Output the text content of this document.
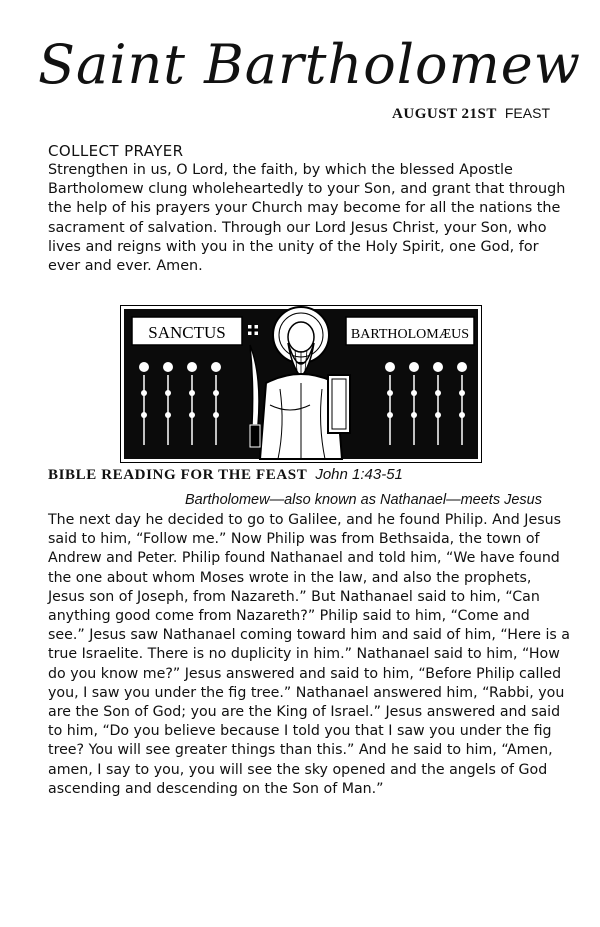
Saint Bartholomew
AUGUST 21ST FEAST
COLLECT PRAYER

Strengthen in us, O Lord, the faith, by which the blessed Apostle Bartholomew clung wholeheartedly to your Son, and grant that through the help of his prayers your Church may become for all the nations the sacrament of salvation. Through our Lord Jesus Christ, your Son, who lives and reigns with you in the unity of the Holy Spirit, one God, for ever and ever. Amen.

SANCTUS	BARTHOLOMÆUS
BIBLE READING FOR THE FEAST John 1:43-51
Bartholomew—also known as Nathanael—meets Jesus

The next day he decided to go to Galilee, and he found Philip. And Jesus said to him, “Follow me.” Now Philip was from Bethsaida, the town of Andrew and Peter. Philip found Nathanael and told him, “We have found the one about whom Moses wrote in the law, and also the prophets, Jesus son of Joseph, from Nazareth.” But Nathanael said to him, “Can anything good come from Nazareth?” Philip said to him, “Come and see.” Jesus saw Nathanael coming toward him and said of him, “Here is a true Israelite. There is no duplicity in him.” Nathanael said to him, “How do you know me?” Jesus answered and said to him, “Before Philip called you, I saw you under the fig tree.” Nathanael answered him, “Rabbi, you are the Son of God; you are the King of Israel.” Jesus answered and said to him, “Do you believe because I told you that I saw you under the fig tree? You will see greater things than this.” And he said to him, “Amen, amen, I say to you, you will see the sky opened and the angels of God ascending and descending on the Son of Man.”
